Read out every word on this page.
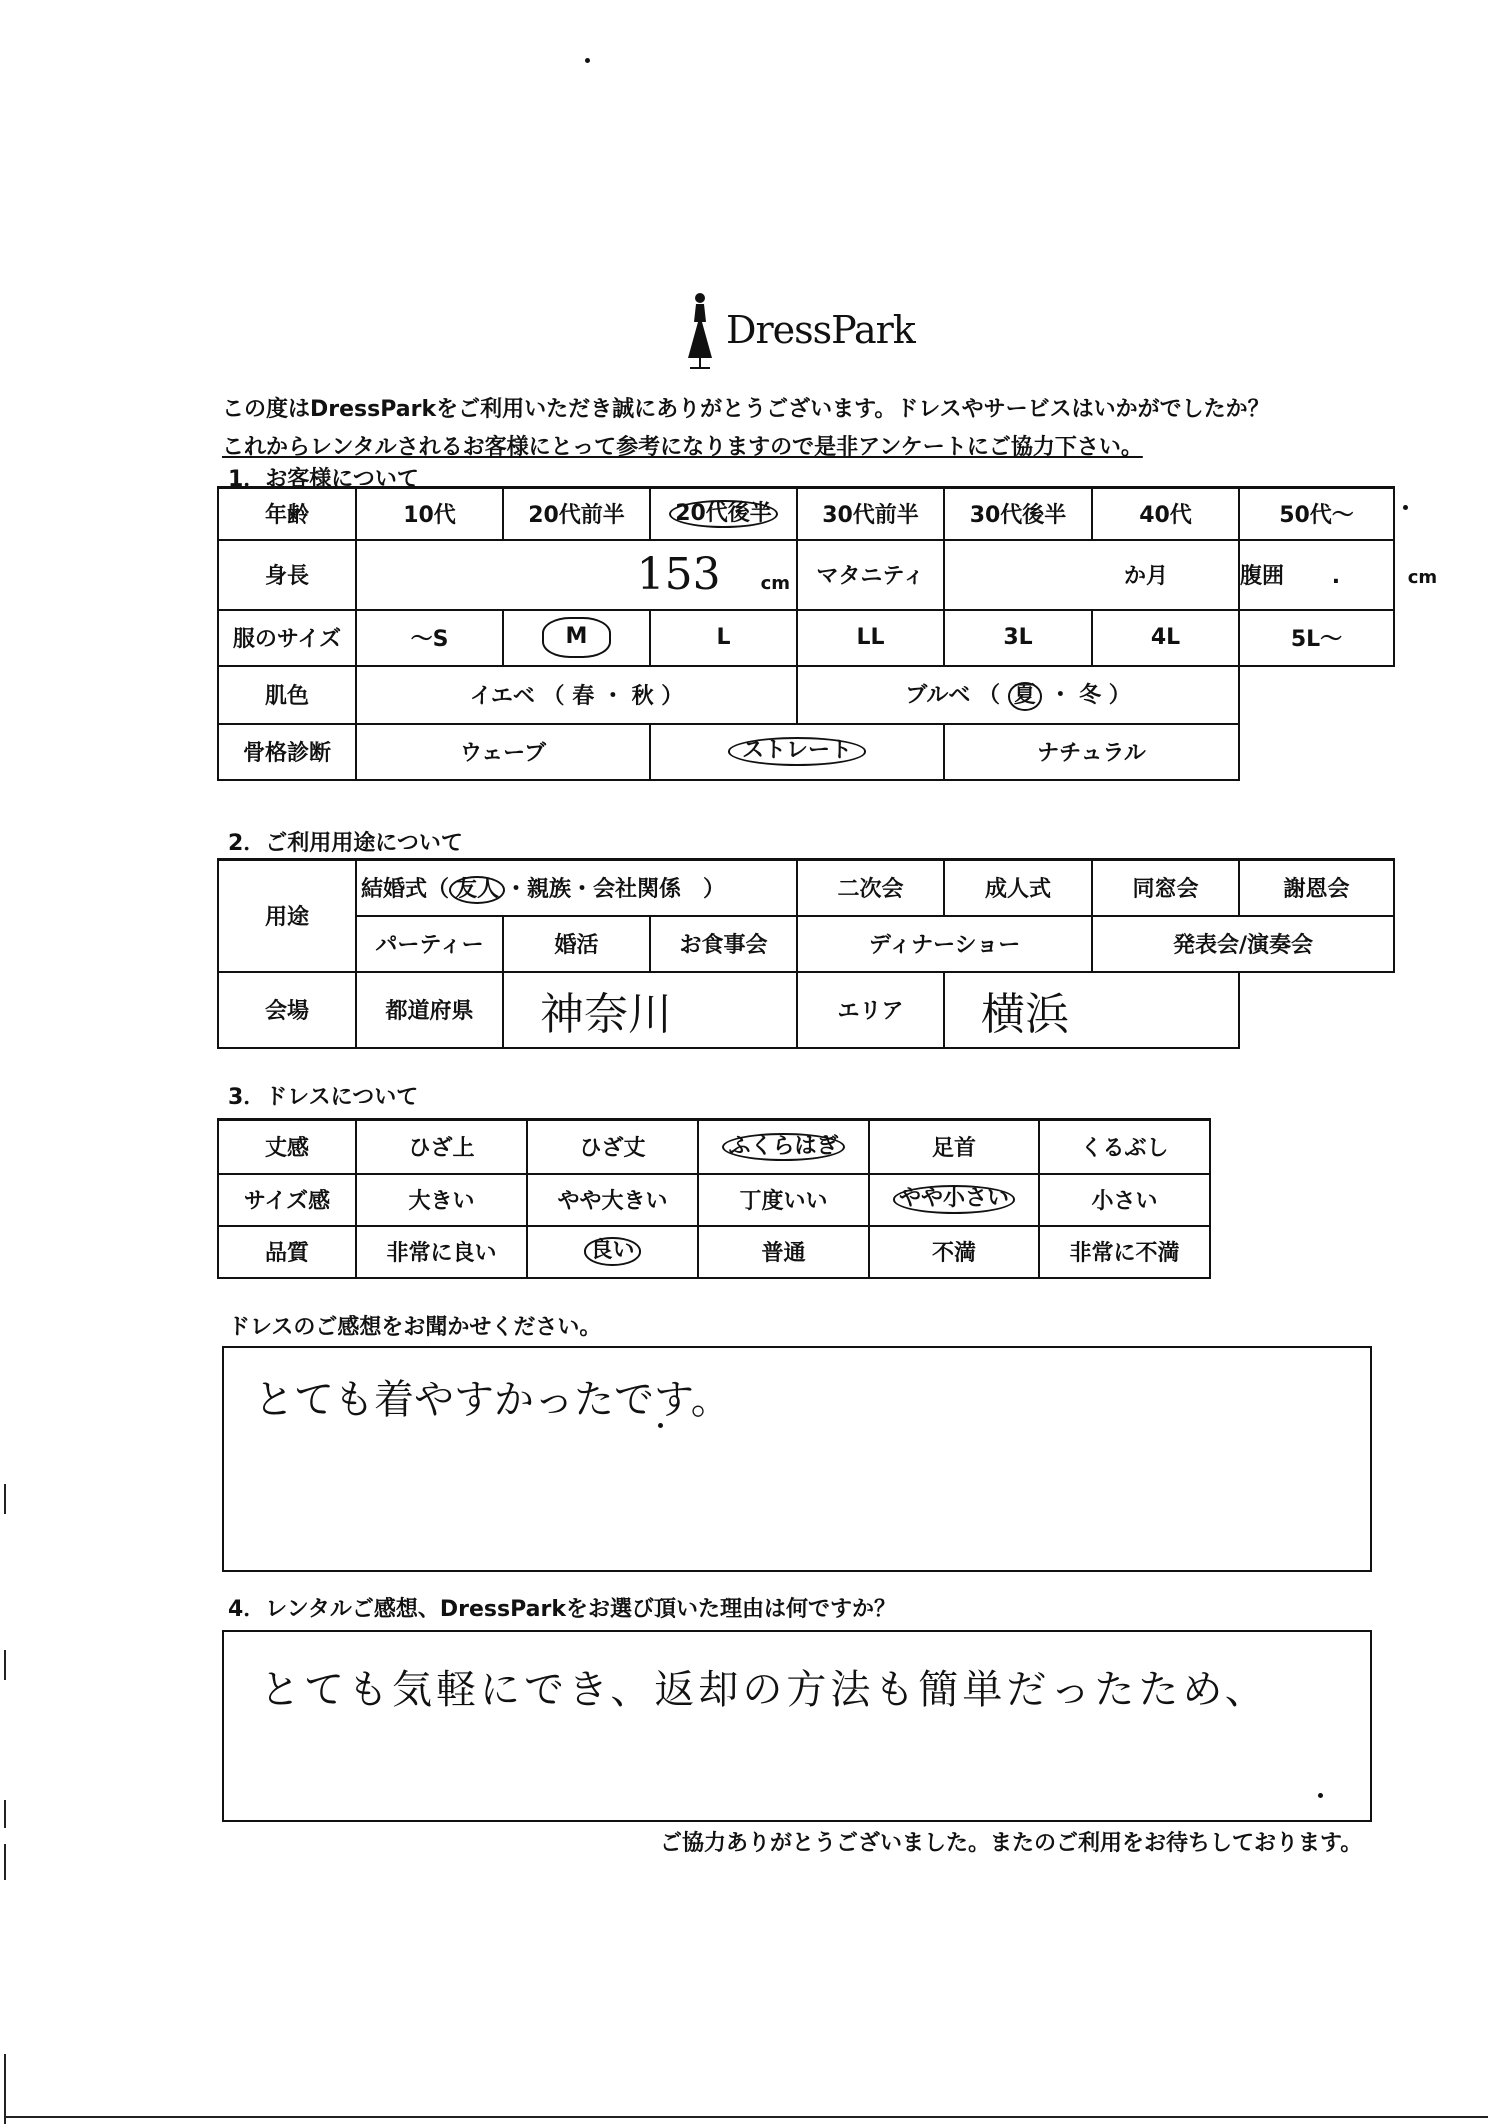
DressPark
この度はDressParkをご利用いただき誠にありがとうございます。ドレスやサービスはいかがでしたか？
これからレンタルされるお客様にとって参考になりますので是非アンケートにご協力下さい。
1．お客様について
年齢	10代	20代前半	20代後半	30代前半	30代後半	40代	50代～
身長	153 cm			マタニティ	か月		腹囲 . cm
服のサイズ	～S	M	L	LL	3L	4L	5L～
肌色	イエベ （ 春 ・ 秋 ）			ブルベ （ 夏 ・ 冬 ）			
骨格診断	ウェーブ		ストレート		ナチュラル		
2．ご利用用途について
用途	結婚式（ 友人 ・親族・会社関係　）			二次会	成人式	同窓会	謝恩会
	パーティー	婚活	お食事会	ディナーショー		発表会/演奏会	
会場	都道府県	神奈川		エリア	横浜		
3．ドレスについて
丈感	ひざ上	ひざ丈	ふくらはぎ	足首	くるぶし
サイズ感	大きい	やや大きい	丁度いい	やや小さい	小さい
品質	非常に良い	良い	普通	不満	非常に不満
ドレスのご感想をお聞かせください。
とても着やすかったです。
4．レンタルご感想、DressParkをお選び頂いた理由は何ですか？
とても気軽にでき、返却の方法も簡単だったため、
ご協力ありがとうございました。またのご利用をお待ちしております。
